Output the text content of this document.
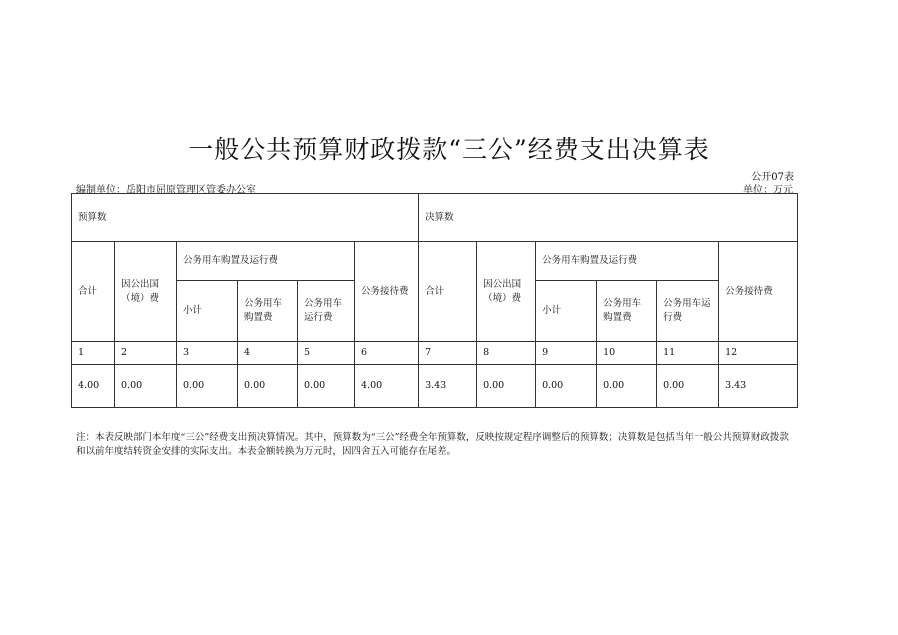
一般公共预算财政拨款“三公”经费支出决算表
公开07表
编制单位：岳阳市屈原管理区管委办公室	单位：万元
预算数						决算数					
合计	因公出国（境）费	公务用车购置及运行费			公务接待费	合计	因公出国（境）费	公务用车购置及运行费			公务接待费
		小计	公务用车购置费	公务用车运行费				小计	公务用车购置费	公务用车运行费	
1	2	3	4	5	6	7	8	9	10	11	12
4.00	0.00	0.00	0.00	0.00	4.00	3.43	0.00	0.00	0.00	0.00	3.43
注：本表反映部门本年度“三公”经费支出预决算情况。其中，预算数为“三公”经费全年预算数，反映按规定程序调整后的预算数；决算数是包括当年一般公共预算财政拨款和以前年度结转资金安排的实际支出。本表金额转换为万元时，因四舍五入可能存在尾差。
